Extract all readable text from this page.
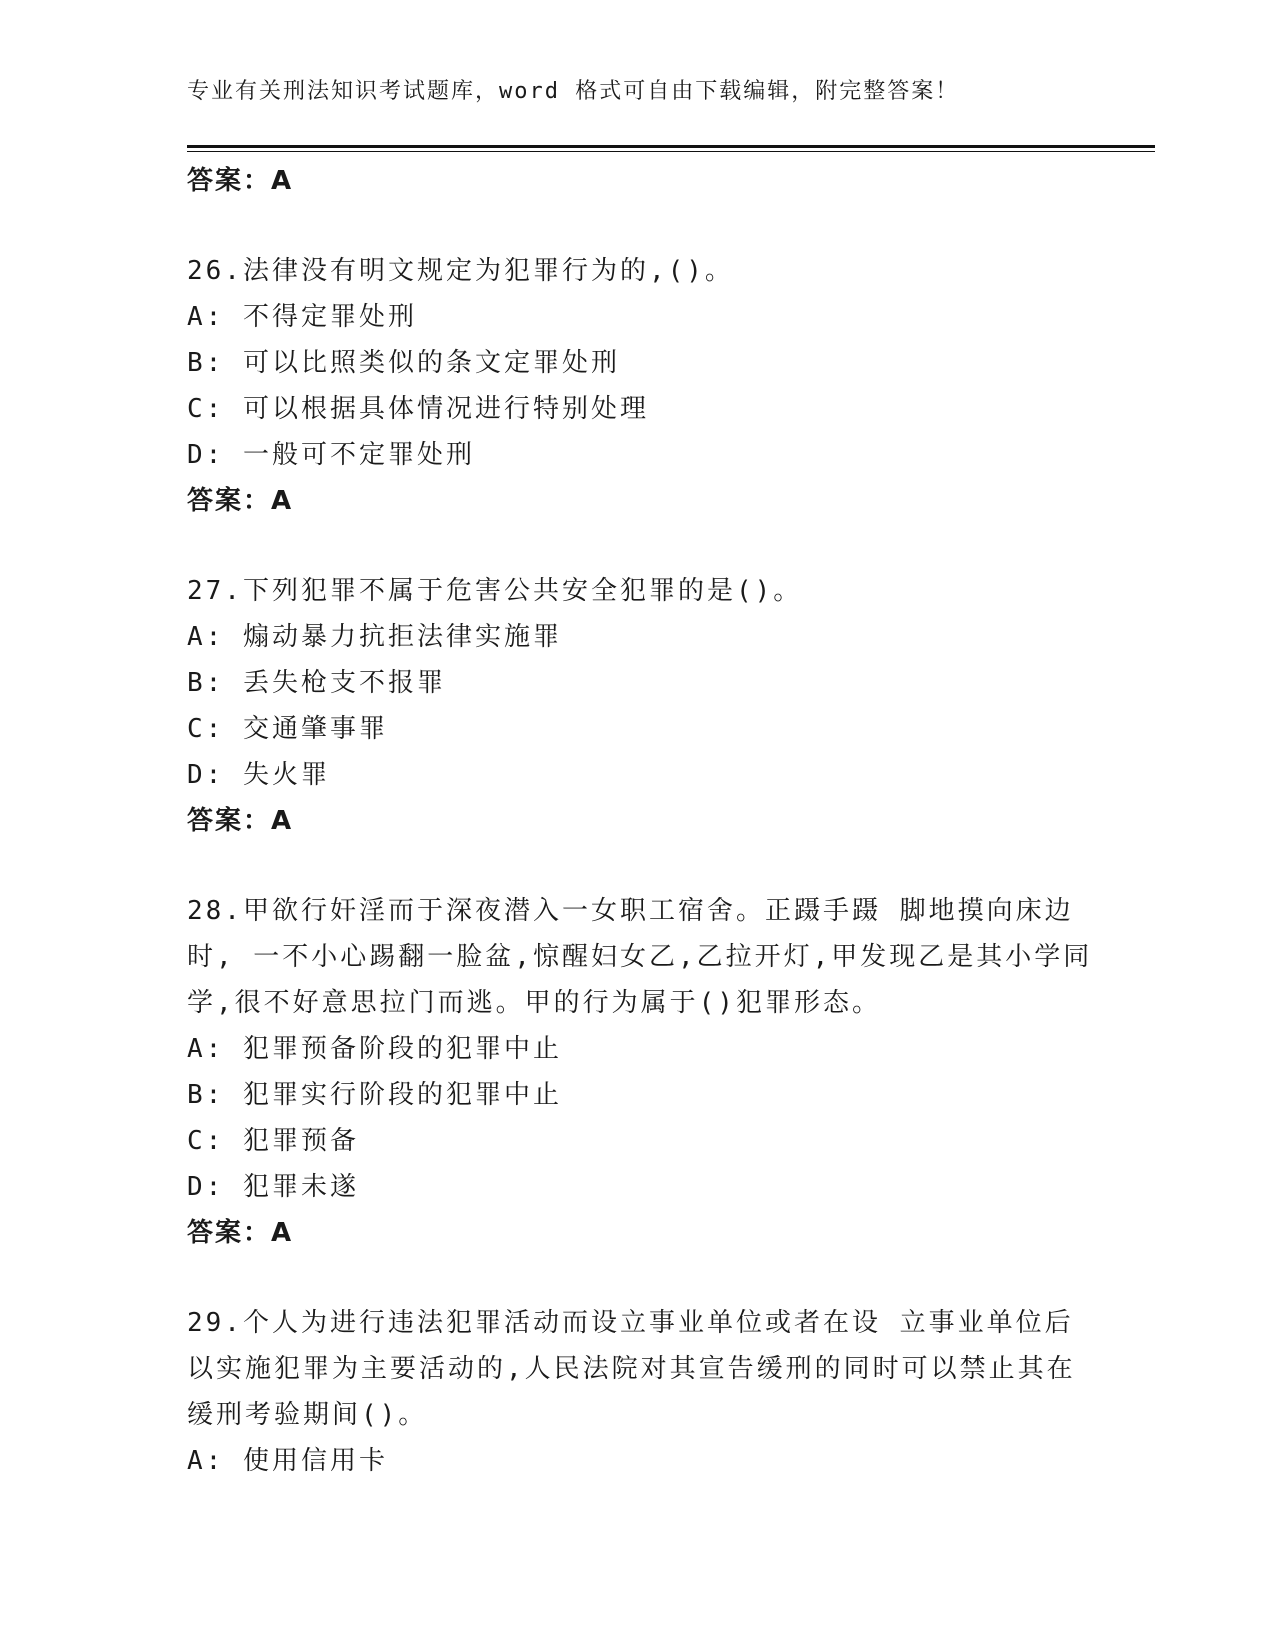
专业有关刑法知识考试题库，word 格式可自由下载编辑，附完整答案！
答案：A
26.法律没有明文规定为犯罪行为的,()。
A: 不得定罪处刑
B: 可以比照类似的条文定罪处刑
C: 可以根据具体情况进行特别处理
D: 一般可不定罪处刑
答案：A
27.下列犯罪不属于危害公共安全犯罪的是()。
A: 煽动暴力抗拒法律实施罪
B: 丢失枪支不报罪
C: 交通肇事罪
D: 失火罪
答案：A
28.甲欲行奸淫而于深夜潜入一女职工宿舍。正蹑手蹑 脚地摸向床边
时, 一不小心踢翻一脸盆,惊醒妇女乙,乙拉开灯,甲发现乙是其小学同
学,很不好意思拉门而逃。甲的行为属于()犯罪形态。
A: 犯罪预备阶段的犯罪中止
B: 犯罪实行阶段的犯罪中止
C: 犯罪预备
D: 犯罪未遂
答案：A
29.个人为进行违法犯罪活动而设立事业单位或者在设 立事业单位后
以实施犯罪为主要活动的,人民法院对其宣告缓刑的同时可以禁止其在
缓刑考验期间()。
A: 使用信用卡
